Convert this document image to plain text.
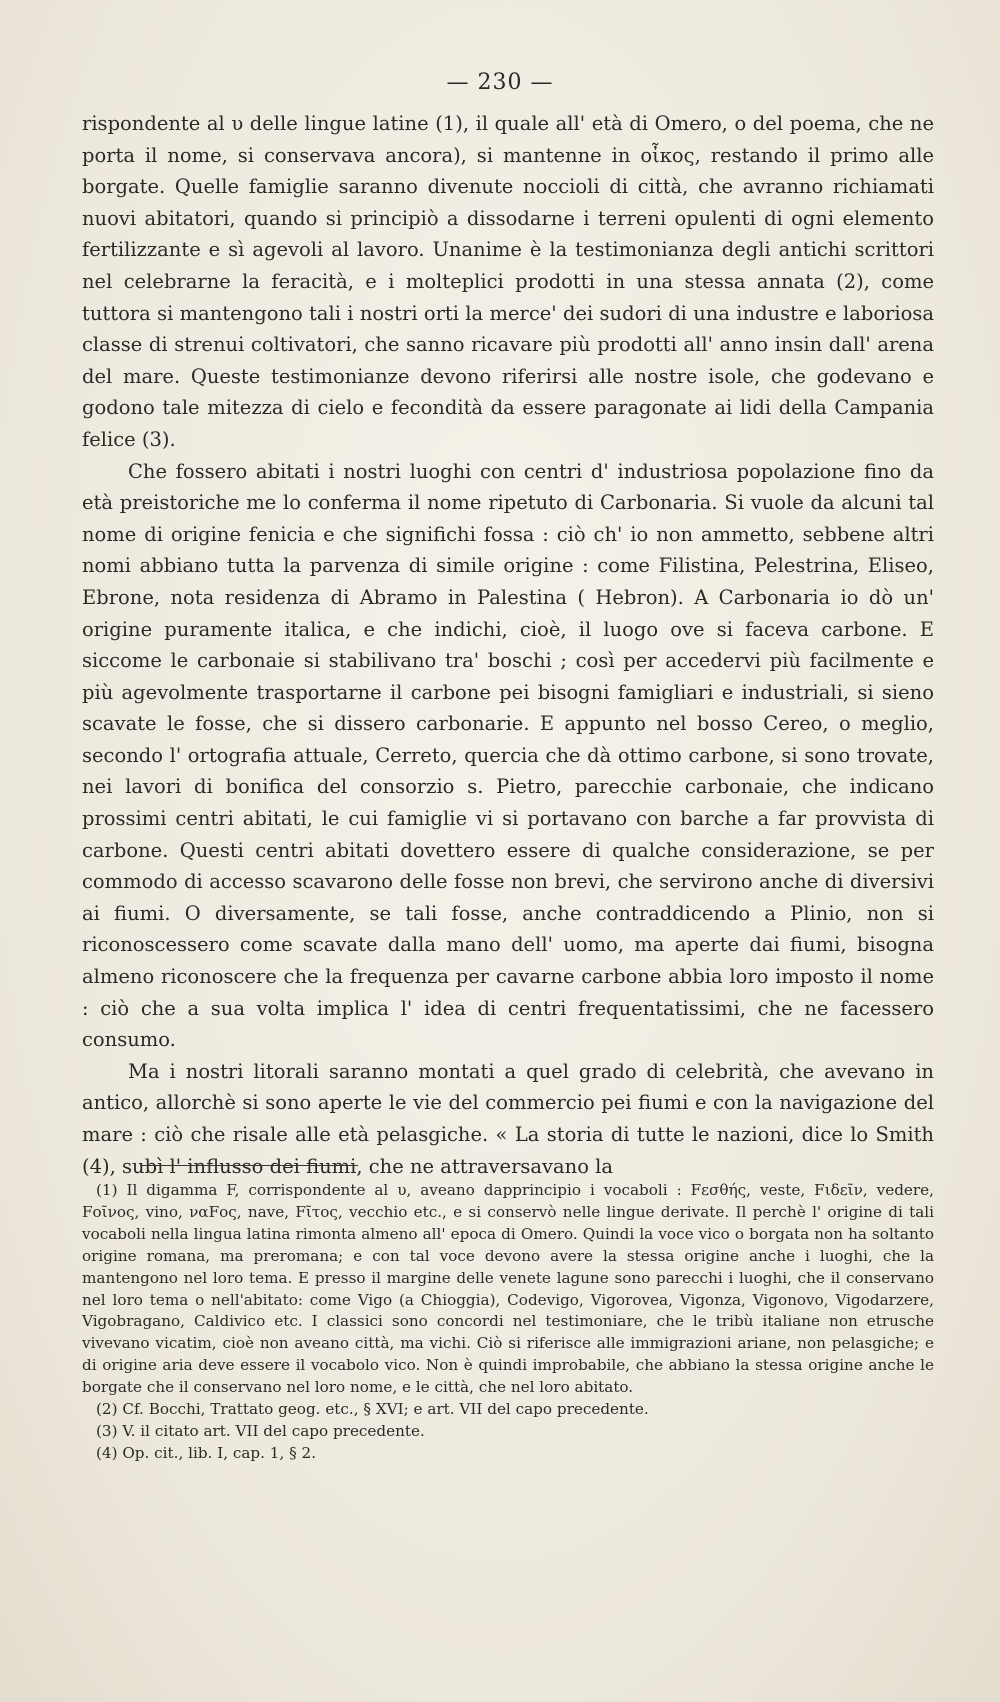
— 230 —

rispondente al υ delle lingue latine (1), il quale all' età di Omero, o del poema, che ne porta il nome, si conservava ancora), si mantenne in οἶκος, restando il primo alle borgate. Quelle famiglie saranno divenute noccioli di città, che avranno richiamati nuovi abitatori, quando si principiò a dissodarne i terreni opulenti di ogni elemento fertilizzante e sì agevoli al lavoro. Unanime è la testimonianza degli antichi scrittori nel celebrarne la feracità, e i molteplici prodotti in una stessa annata (2), come tuttora si mantengono tali i nostri orti la merce' dei sudori di una industre e laboriosa classe di strenui coltivatori, che sanno ricavare più prodotti all' anno insin dall' arena del mare. Queste testimonianze devono riferirsi alle nostre isole, che godevano e godono tale mitezza di cielo e fecondità da essere paragonate ai lidi della Campania felice (3).

Che fossero abitati i nostri luoghi con centri d' industriosa popolazione fino da età preistoriche me lo conferma il nome ripetuto di Carbonaria. Si vuole da alcuni tal nome di origine fenicia e che significhi fossa : ciò ch' io non ammetto, sebbene altri nomi abbiano tutta la parvenza di simile origine : come Filistina, Pelestrina, Eliseo, Ebrone, nota residenza di Abramo in Palestina ( Hebron). A Carbonaria io dò un' origine puramente italica, e che indichi, cioè, il luogo ove si faceva carbone. E siccome le carbonaie si stabilivano tra' boschi ; così per accedervi più facilmente e più agevolmente trasportarne il carbone pei bisogni famigliari e industriali, si sieno scavate le fosse, che si dissero carbonarie. E appunto nel bosso Cereo, o meglio, secondo l' ortografia attuale, Cerreto, quercia che dà ottimo carbone, si sono trovate, nei lavori di bonifica del consorzio s. Pietro, parecchie carbonaie, che indicano prossimi centri abitati, le cui famiglie vi si portavano con barche a far provvista di carbone. Questi centri abitati dovettero essere di qualche considerazione, se per commodo di accesso scavarono delle fosse non brevi, che servirono anche di diversivi ai fiumi. O diversamente, se tali fosse, anche contraddicendo a Plinio, non si riconoscessero come scavate dalla mano dell' uomo, ma aperte dai fiumi, bisogna almeno riconoscere che la frequenza per cavarne carbone abbia loro imposto il nome : ciò che a sua volta implica l' idea di centri frequentatissimi, che ne facessero consumo.

Ma i nostri litorali saranno montati a quel grado di celebrità, che avevano in antico, allorchè si sono aperte le vie del commercio pei fiumi e con la navigazione del mare : ciò che risale alle età pelasgiche. « La storia di tutte le nazioni, dice lo Smith (4), subì l' influsso dei fiumi, che ne attraversavano la

(1) Il digamma F, corrispondente al υ, aveano dapprincipio i vocaboli : Fεσθής, veste, Fιδεῖν, vedere, Fοῖνος, vino, ναFος, nave, Fῖτος, vecchio etc., e si conservò nelle lingue derivate. Il perchè l' origine di tali vocaboli nella lingua latina rimonta almeno all' epoca di Omero. Quindi la voce vico o borgata non ha soltanto origine romana, ma preromana; e con tal voce devono avere la stessa origine anche i luoghi, che la mantengono nel loro tema. E presso il margine delle venete lagune sono parecchi i luoghi, che il conservano nel loro tema o nell'abitato: come Vigo (a Chioggia), Codevigo, Vigorovea, Vigonza, Vigonovo, Vigodarzere, Vigobragano, Caldivico etc. I classici sono concordi nel testimoniare, che le tribù italiane non etrusche vivevano vicatim, cioè non aveano città, ma vichi. Ciò si riferisce alle immigrazioni ariane, non pelasgiche; e di origine aria deve essere il vocabolo vico. Non è quindi improbabile, che abbiano la stessa origine anche le borgate che il conservano nel loro nome, e le città, che nel loro abitato.

(2) Cf. Bocchi, Trattato geog. etc., § XVI; e art. VII del capo precedente.

(3) V. il citato art. VII del capo precedente.

(4) Op. cit., lib. I, cap. 1, § 2.
